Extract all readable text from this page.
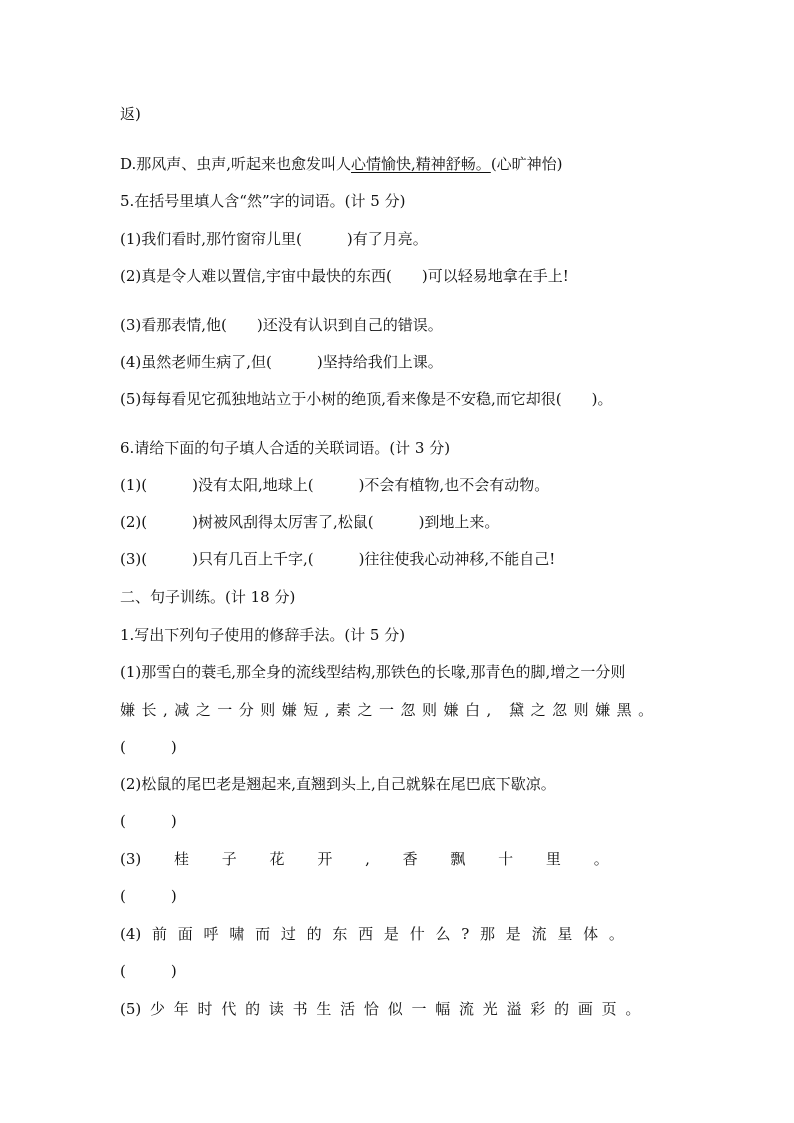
返)
D.那风声、虫声,听起来也愈发叫人心情愉快,精神舒畅。(心旷神怡)
5.在括号里填人含“然”字的词语。(计 5 分)
(1)我们看时,那竹窗帘儿里(　　　)有了月亮。
(2)真是令人难以置信,宇宙中最快的东西(　　)可以轻易地拿在手上!
(3)看那表情,他(　　)还没有认识到自己的错误。
(4)虽然老师生病了,但(　　　)坚持给我们上课。
(5)每每看见它孤独地站立于小树的绝顶,看来像是不安稳,而它却很(　　)。
6.请给下面的句子填人合适的关联词语。(计 3 分)
(1)(　　　)没有太阳,地球上(　　　)不会有植物,也不会有动物。
(2)(　　　)树被风刮得太厉害了,松鼠(　　　)到地上来。
(3)(　　　)只有几百上千字,(　　　)往往使我心动神移,不能自己!
二、句子训练。(计 18 分)
1.写出下列句子使用的修辞手法。(计 5 分)
(1)那雪白的蓑毛,那全身的流线型结构,那铁色的长喙,那青色的脚,增之一分则
嫌长,减之一分则嫌短,素之一忽则嫌白, 黛之忽则嫌黑。
(　　　)
(2)松鼠的尾巴老是翘起来,直翘到头上,自己就躲在尾巴底下歇凉。
(　　　)
(3) 桂 子 花 开 , 香 飘 十 里 。
(　　　)
(4) 前 面 呼 啸 而 过 的 东 西 是 什 么 ? 那 是 流 星 体 。
(　　　)
(5) 少 年 时 代 的 读 书 生 活 恰 似 一 幅 流 光 溢 彩 的 画 页 。
